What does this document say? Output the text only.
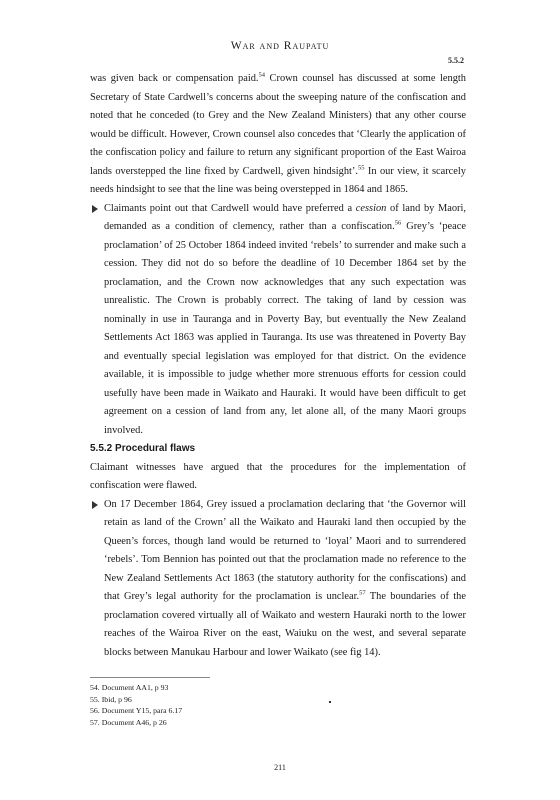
War and Raupatu
5.5.2

was given back or compensation paid.$^{54}$ Crown counsel has discussed at some length Secretary of State Cardwell’s concerns about the sweeping nature of the confiscation and noted that he conceded (to Grey and the New Zealand Ministers) that any other course would be difficult. However, Crown counsel also concedes that ‘Clearly the application of the confiscation policy and failure to return any significant proportion of the East Wairoa lands overstepped the line fixed by Cardwell, given hindsight’.$^{55}$ In our view, it scarcely needs hindsight to see that the line was being overstepped in 1864 and 1865.

Claimants point out that Cardwell would have preferred a cession of land by Maori, demanded as a condition of clemency, rather than a confiscation.$^{56}$ Grey’s ‘peace proclamation’ of 25 October 1864 indeed invited ‘rebels’ to surrender and make such a cession. They did not do so before the deadline of 10 December 1864 set by the proclamation, and the Crown now acknowledges that any such expectation was unrealistic. The Crown is probably correct. The taking of land by cession was nominally in use in Tauranga and in Poverty Bay, but eventually the New Zealand Settlements Act 1863 was applied in Tauranga. Its use was threatened in Poverty Bay and eventually special legislation was employed for that district. On the evidence available, it is impossible to judge whether more strenuous efforts for cession could usefully have been made in Waikato and Hauraki. It would have been difficult to get agreement on a cession of land from any, let alone all, of the many Maori groups involved.

5.5.2 Procedural flaws

Claimant witnesses have argued that the procedures for the implementation of confiscation were flawed.

On 17 December 1864, Grey issued a proclamation declaring that ‘the Governor will retain as land of the Crown’ all the Waikato and Hauraki land then occupied by the Queen’s forces, though land would be returned to ‘loyal’ Maori and to surrendered ‘rebels’. Tom Bennion has pointed out that the proclamation made no reference to the New Zealand Settlements Act 1863 (the statutory authority for the confiscations) and that Grey’s legal authority for the proclamation is unclear.$^{57}$ The boundaries of the proclamation covered virtually all of Waikato and western Hauraki north to the lower reaches of the Wairoa River on the east, Waiuku on the west, and several separate blocks between Manukau Harbour and lower Waikato (see fig 14).

54. Document AA1, p 93
55. Ibid, p 96
56. Document Y15, para 6.17
57. Document A46, p 26
211
